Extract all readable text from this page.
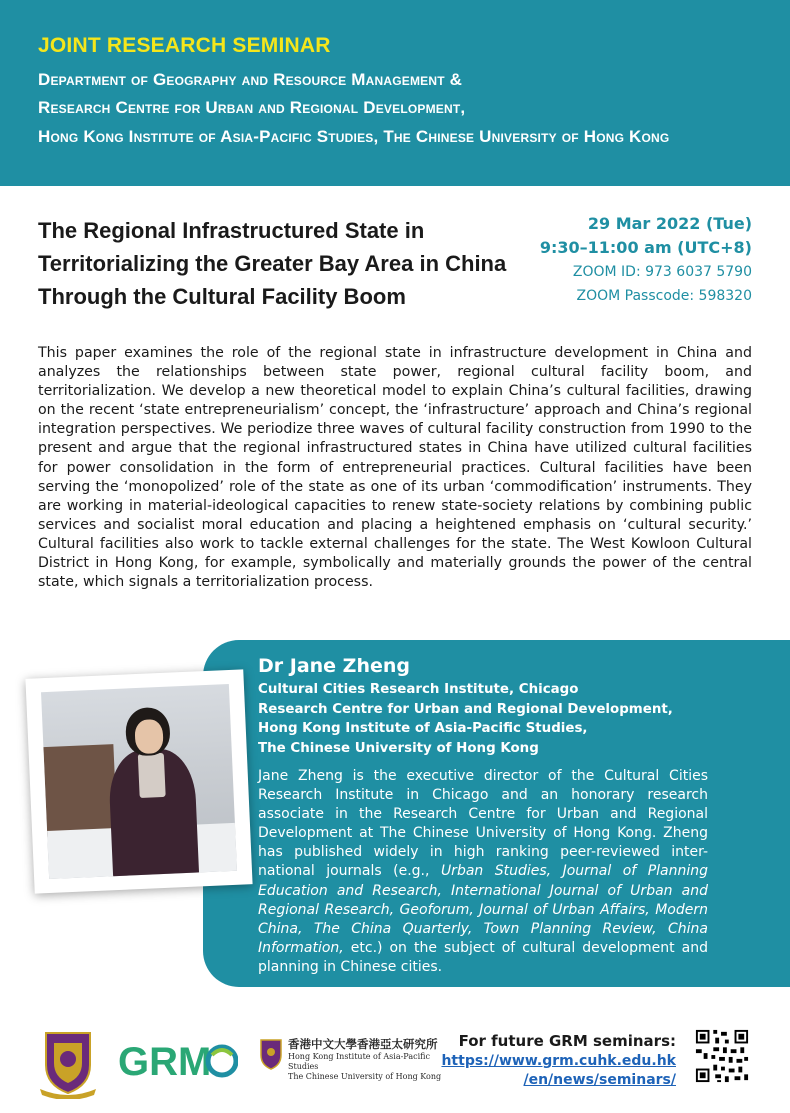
JOINT RESEARCH SEMINAR
Department of Geography and Resource Management &
Research Centre for Urban and Regional Development,
Hong Kong Institute of Asia-Pacific Studies, The Chinese University of Hong Kong
The Regional Infrastructured State in
Territorializing the Greater Bay Area in China
Through the Cultural Facility Boom
29 Mar 2022 (Tue)
9:30–11:00 am (UTC+8)
ZOOM ID: 973 6037 5790
ZOOM Passcode: 598320

This paper examines the role of the regional state in infrastructure development in China and analyzes the relationships between state power, regional cultural facility boom, and territorialization. We develop a new theoretical model to explain China’s cultural facilities, drawing on the recent ‘state entrepreneurialism’ concept, the ‘infrastructure’ approach and China’s regional integration perspectives. We periodize three waves of cultural facility construction from 1990 to the present and argue that the regional infrastructured states in China have utilized cultural facilities for power consolidation in the form of entrepreneurial practices. Cultural facilities have been serving the ‘monopolized’ role of the state as one of its urban ‘commodification’ instruments. They are working in material-ideological capacities to renew state-society relations by combining public services and socialist moral education and placing a heightened emphasis on ‘cultural security.’ Cultural facilities also work to tackle external challenges for the state. The West Kowloon Cultural District in Hong Kong, for example, symbolically and materially grounds the power of the central state, which signals a territorialization process.

Dr Jane Zheng
Cultural Cities Research Institute, Chicago
Research Centre for Urban and Regional Development,
Hong Kong Institute of Asia-Pacific Studies,
The Chinese University of Hong Kong

Jane Zheng is the executive director of the Cultural Cities Research Institute in Chicago and an honorary research associate in the Research Centre for Urban and Regional Development at The Chinese University of Hong Kong. Zheng has published widely in high ranking peer-reviewed inter-national journals (e.g., Urban Studies, Journal of Planning Education and Research, International Journal of Urban and Regional Research, Geoforum, Journal of Urban Affairs, Modern China, The China Quarterly, Town Planning Review, China Information, etc.) on the subject of cultural development and planning in Chinese cities.

GRM	香港中文大學香港亞太研究所
Hong Kong Institute of Asia-Pacific Studies
The Chinese University of Hong Kong
For future GRM seminars:
https://www.grm.cuhk.edu.hk
/en/news/seminars/
